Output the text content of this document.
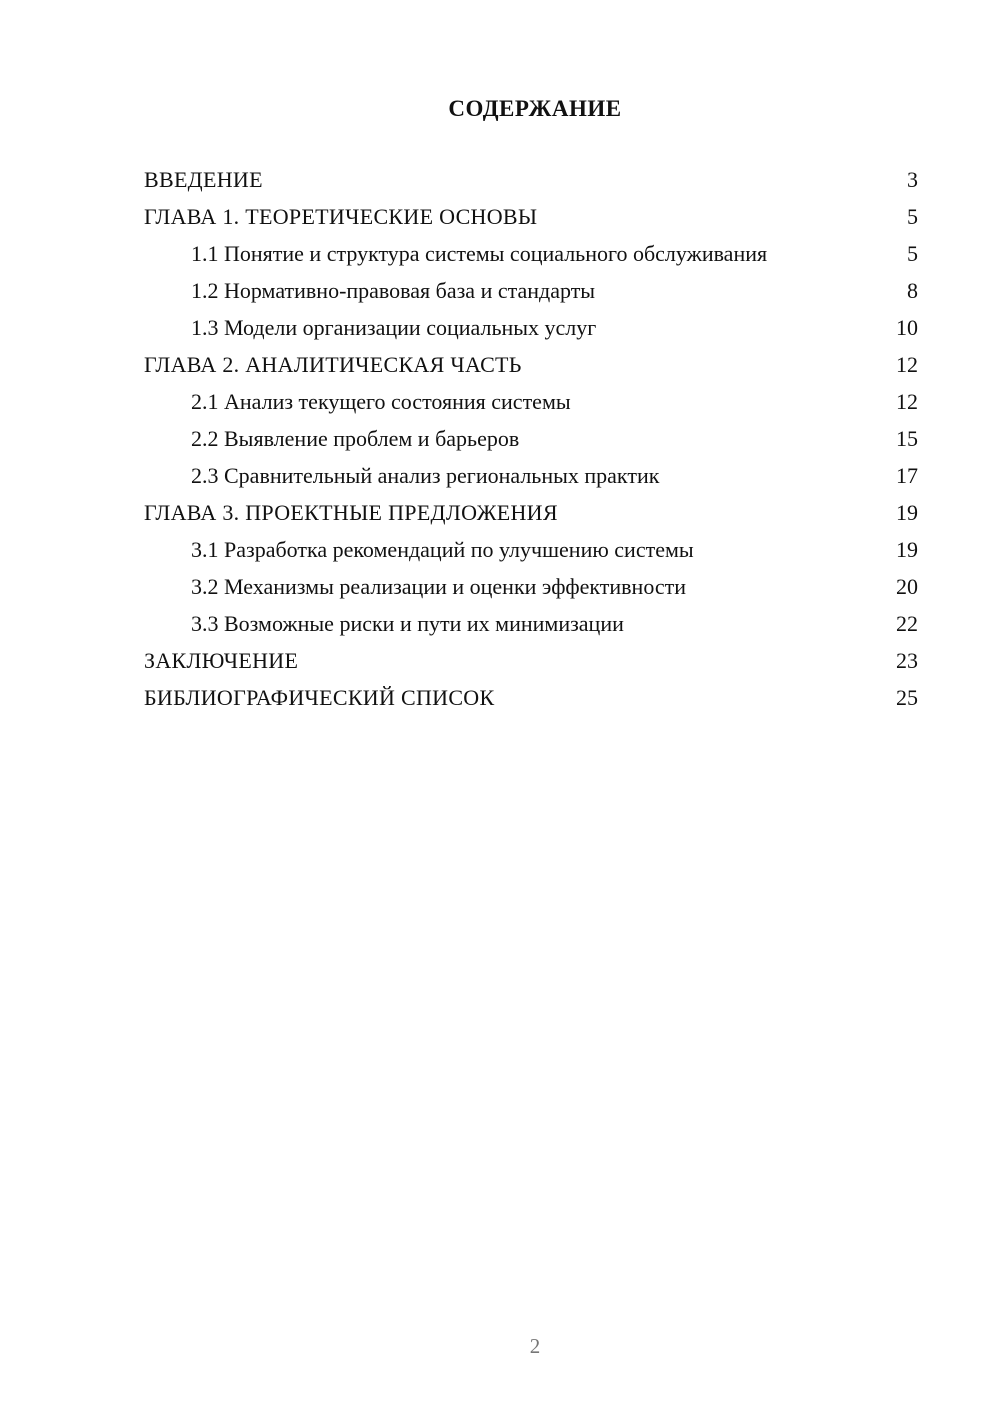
СОДЕРЖАНИЕ
ВВЕДЕНИЕ	3
ГЛАВА 1. ТЕОРЕТИЧЕСКИЕ ОСНОВЫ	5
1.1 Понятие и структура системы социального обслуживания	5
1.2 Нормативно-правовая база и стандарты	8
1.3 Модели организации социальных услуг	10
ГЛАВА 2. АНАЛИТИЧЕСКАЯ ЧАСТЬ	12
2.1 Анализ текущего состояния системы	12
2.2 Выявление проблем и барьеров	15
2.3 Сравнительный анализ региональных практик	17
ГЛАВА 3. ПРОЕКТНЫЕ ПРЕДЛОЖЕНИЯ	19
3.1 Разработка рекомендаций по улучшению системы	19
3.2 Механизмы реализации и оценки эффективности	20
3.3 Возможные риски и пути их минимизации	22
ЗАКЛЮЧЕНИЕ	23
БИБЛИОГРАФИЧЕСКИЙ СПИСОК	25
2
